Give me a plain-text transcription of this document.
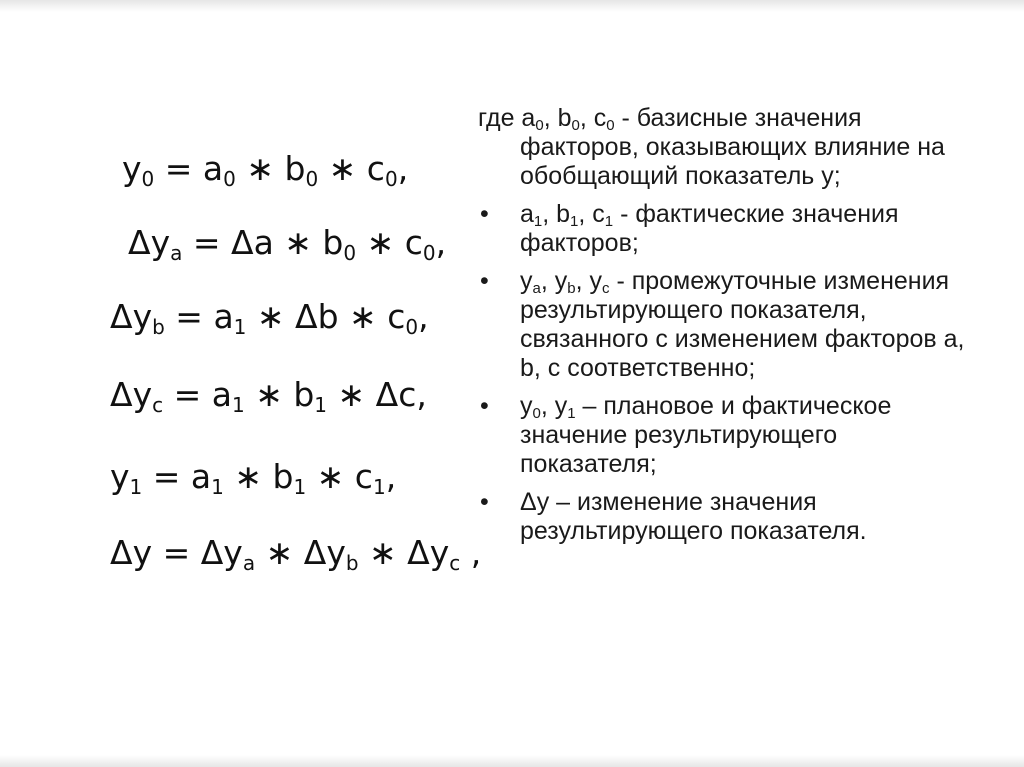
$y_0 = a_0$ ∗ $b_0$ ∗ $c_0$,
$\Delta y_a = \Delta a$ ∗ $b_0$ ∗ $c_0$,
$\Delta y_b = a_1$ ∗ Δb ∗ $c_0$,
$\Delta y_c = a_1$ ∗ $b_1$ ∗ Δc,
$y_1 = a_1$ ∗ $b_1$ ∗ $c_1$,
$\Delta y = \Delta y_a$ ∗ $\Delta y_b$ ∗ $\Delta y_c$ ,
где $a_0$, $b_0$, $c_0$ - базисные значения факторов, оказывающих влияние на обобщающий показатель y;
• $a_1$, $b_1$, $c_1$ - фактические значения факторов;
• $y_a$, $y_b$, $y_c$ - промежуточные изменения результирующего показателя, связанного с изменением факторов a, b, c соответственно;
• $y_0$, $y_1$ – плановое и фактическое значение результирующего показателя;
• Δy – изменение значения результирующего показателя.
